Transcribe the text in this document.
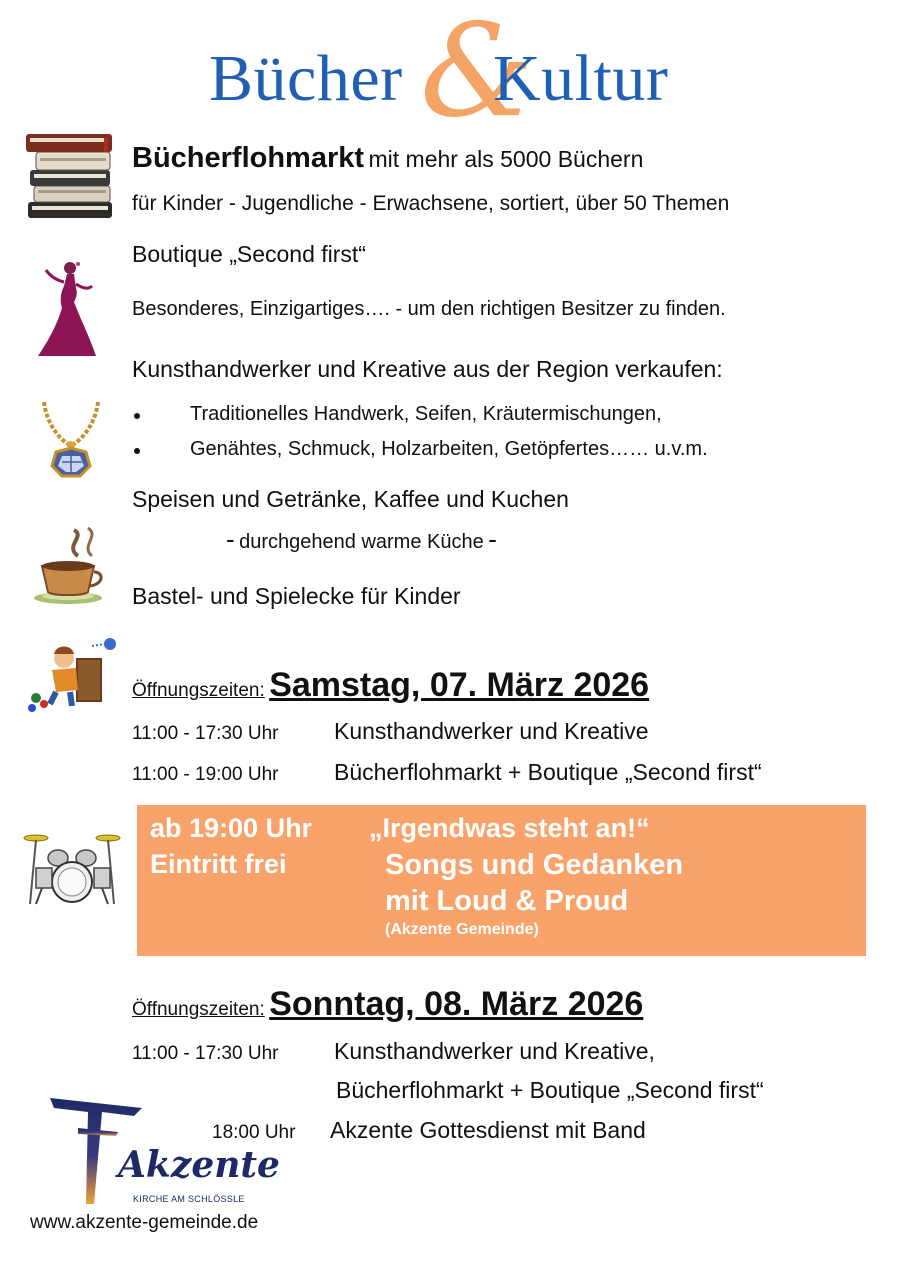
Bücher &
Kultur
Bücherflohmarkt mit mehr als 5000 Büchern
für Kinder - Jugendliche - Erwachsene, sortiert, über 50 Themen
Boutique „Second first“
Besonderes, Einzigartiges…. - um den richtigen Besitzer zu finden.
Kunsthandwerker und Kreative aus der Region verkaufen:
Traditionelles Handwerk, Seifen, Kräutermischungen,
Genähtes, Schmuck, Holzarbeiten, Getöpfertes…… u.v.m.
Speisen und Getränke, Kaffee und Kuchen
- durchgehend warme Küche -
Bastel- und Spielecke für Kinder
Öffnungszeiten: Samstag, 07. März 2026
11:00 - 17:30 Uhr Kunsthandwerker und Kreative
11:00 - 19:00 Uhr Bücherflohmarkt + Boutique „Second first“
ab 19:00 Uhr „Irgendwas steht an!“
Eintritt frei	Songs und Gedanken
mit Loud & Proud
(Akzente Gemeinde)
Öffnungszeiten: Sonntag, 08. März 2026
11:00 - 17:30 Uhr Kunsthandwerker und Kreative,
Bücherflohmarkt + Boutique „Second first“
18:00 Uhr Akzente Gottesdienst mit Band
Akzente
KIRCHE AM SCHLÖSSLE
www.akzente-gemeinde.de
